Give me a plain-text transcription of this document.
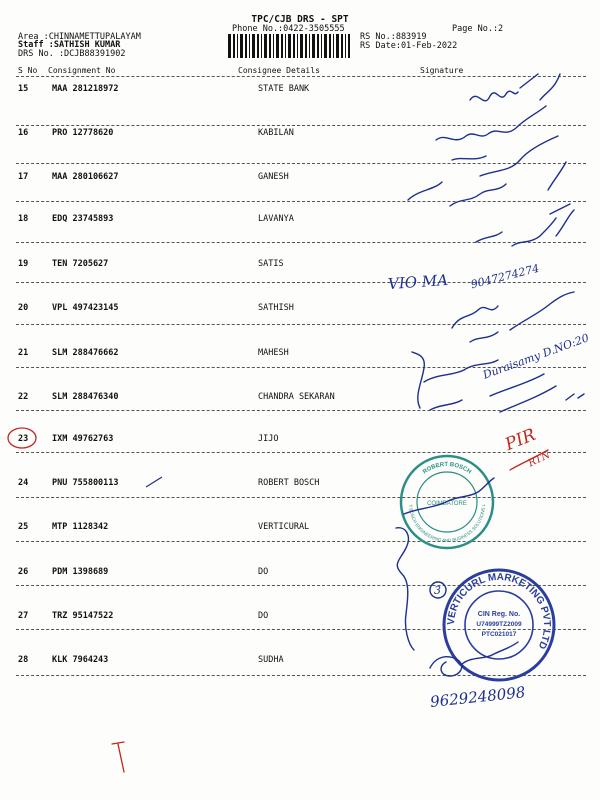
TPC/CJB DRS - SPT
Phone No.:0422-3505555	Page No.:2
Area :CHINNAMETTUPALAYAM
Staff :SATHISH KUMAR
DRS No. :DCJB88391902
RS No.:883919
RS Date:01-Feb-2022
S No Consignment No	Consignee Details	Signature
15	MAA 281218972	STATE BANK
16	PRO 12778620	KABILAN
17	MAA 280106627	GANESH
18	EDQ 23745893	LAVANYA
19	TEN 7205627	SATIS
20	VPL 497423145	SATHISH
21	SLM 288476662	MAHESH
22	SLM 288476340	CHANDRA SEKARAN
23	IXM 49762763	JIJO
24	PNU 755800113	ROBERT BOSCH
25	MTP 1128342	VERTICURAL
26	PDM 1398689	DO
27	TRZ 95147522	DO
28	KLK 7964243	SUDHA
VIO MA 9047274274
Duraisamy D.NO:20
9629248098
PIR
RTN
3
ROBERT BOSCH
T BOSCH ENGINEERING AND BUSINESS SOLUTIONS L
COIMBATORE
VERTICURL MARKETING PVT LTD
CIN Reg. No.
U74999TZ2009
PTC021017
